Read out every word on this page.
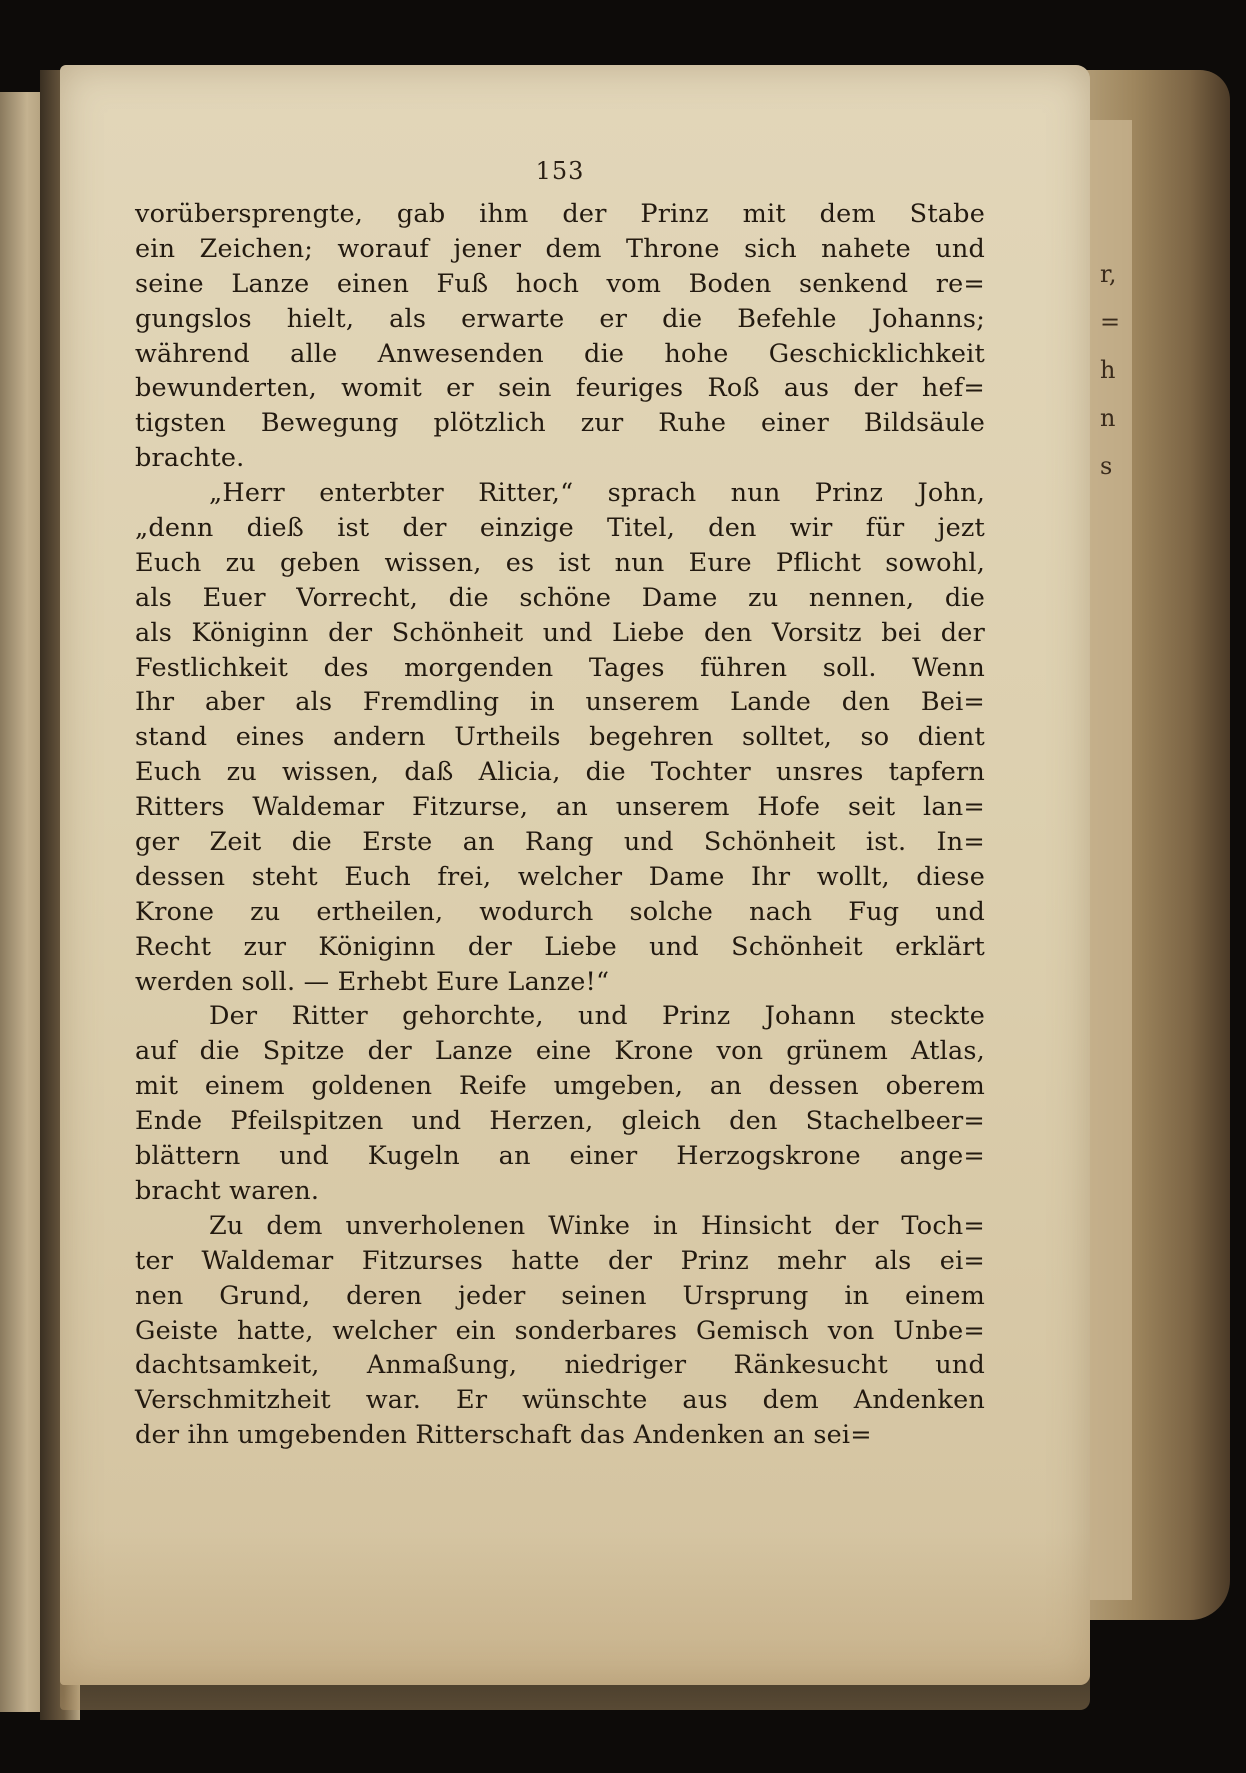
r,
=
h
n
s
153
vorübersprengte, gab ihm der Prinz mit dem Stabe
ein Zeichen; worauf jener dem Throne sich nahete und
seine Lanze einen Fuß hoch vom Boden senkend re=
gungslos hielt, als erwarte er die Befehle Johanns;
während alle Anwesenden die hohe Geschicklichkeit
bewunderten, womit er sein feuriges Roß aus der hef=
tigsten Bewegung plötzlich zur Ruhe einer Bildsäule
brachte.
„Herr enterbter Ritter,“ sprach nun Prinz John,
„denn dieß ist der einzige Titel, den wir für jezt
Euch zu geben wissen, es ist nun Eure Pflicht sowohl,
als Euer Vorrecht, die schöne Dame zu nennen, die
als Königinn der Schönheit und Liebe den Vorsitz bei der
Festlichkeit des morgenden Tages führen soll. Wenn
Ihr aber als Fremdling in unserem Lande den Bei=
stand eines andern Urtheils begehren solltet, so dient
Euch zu wissen, daß Alicia, die Tochter unsres tapfern
Ritters Waldemar Fitzurse, an unserem Hofe seit lan=
ger Zeit die Erste an Rang und Schönheit ist. In=
dessen steht Euch frei, welcher Dame Ihr wollt, diese
Krone zu ertheilen, wodurch solche nach Fug und
Recht zur Königinn der Liebe und Schönheit erklärt
werden soll. — Erhebt Eure Lanze!“
Der Ritter gehorchte, und Prinz Johann steckte
auf die Spitze der Lanze eine Krone von grünem Atlas,
mit einem goldenen Reife umgeben, an dessen oberem
Ende Pfeilspitzen und Herzen, gleich den Stachelbeer=
blättern und Kugeln an einer Herzogskrone ange=
bracht waren.
Zu dem unverholenen Winke in Hinsicht der Toch=
ter Waldemar Fitzurses hatte der Prinz mehr als ei=
nen Grund, deren jeder seinen Ursprung in einem
Geiste hatte, welcher ein sonderbares Gemisch von Unbe=
dachtsamkeit, Anmaßung, niedriger Ränkesucht und
Verschmitzheit war. Er wünschte aus dem Andenken
der ihn umgebenden Ritterschaft das Andenken an sei=
